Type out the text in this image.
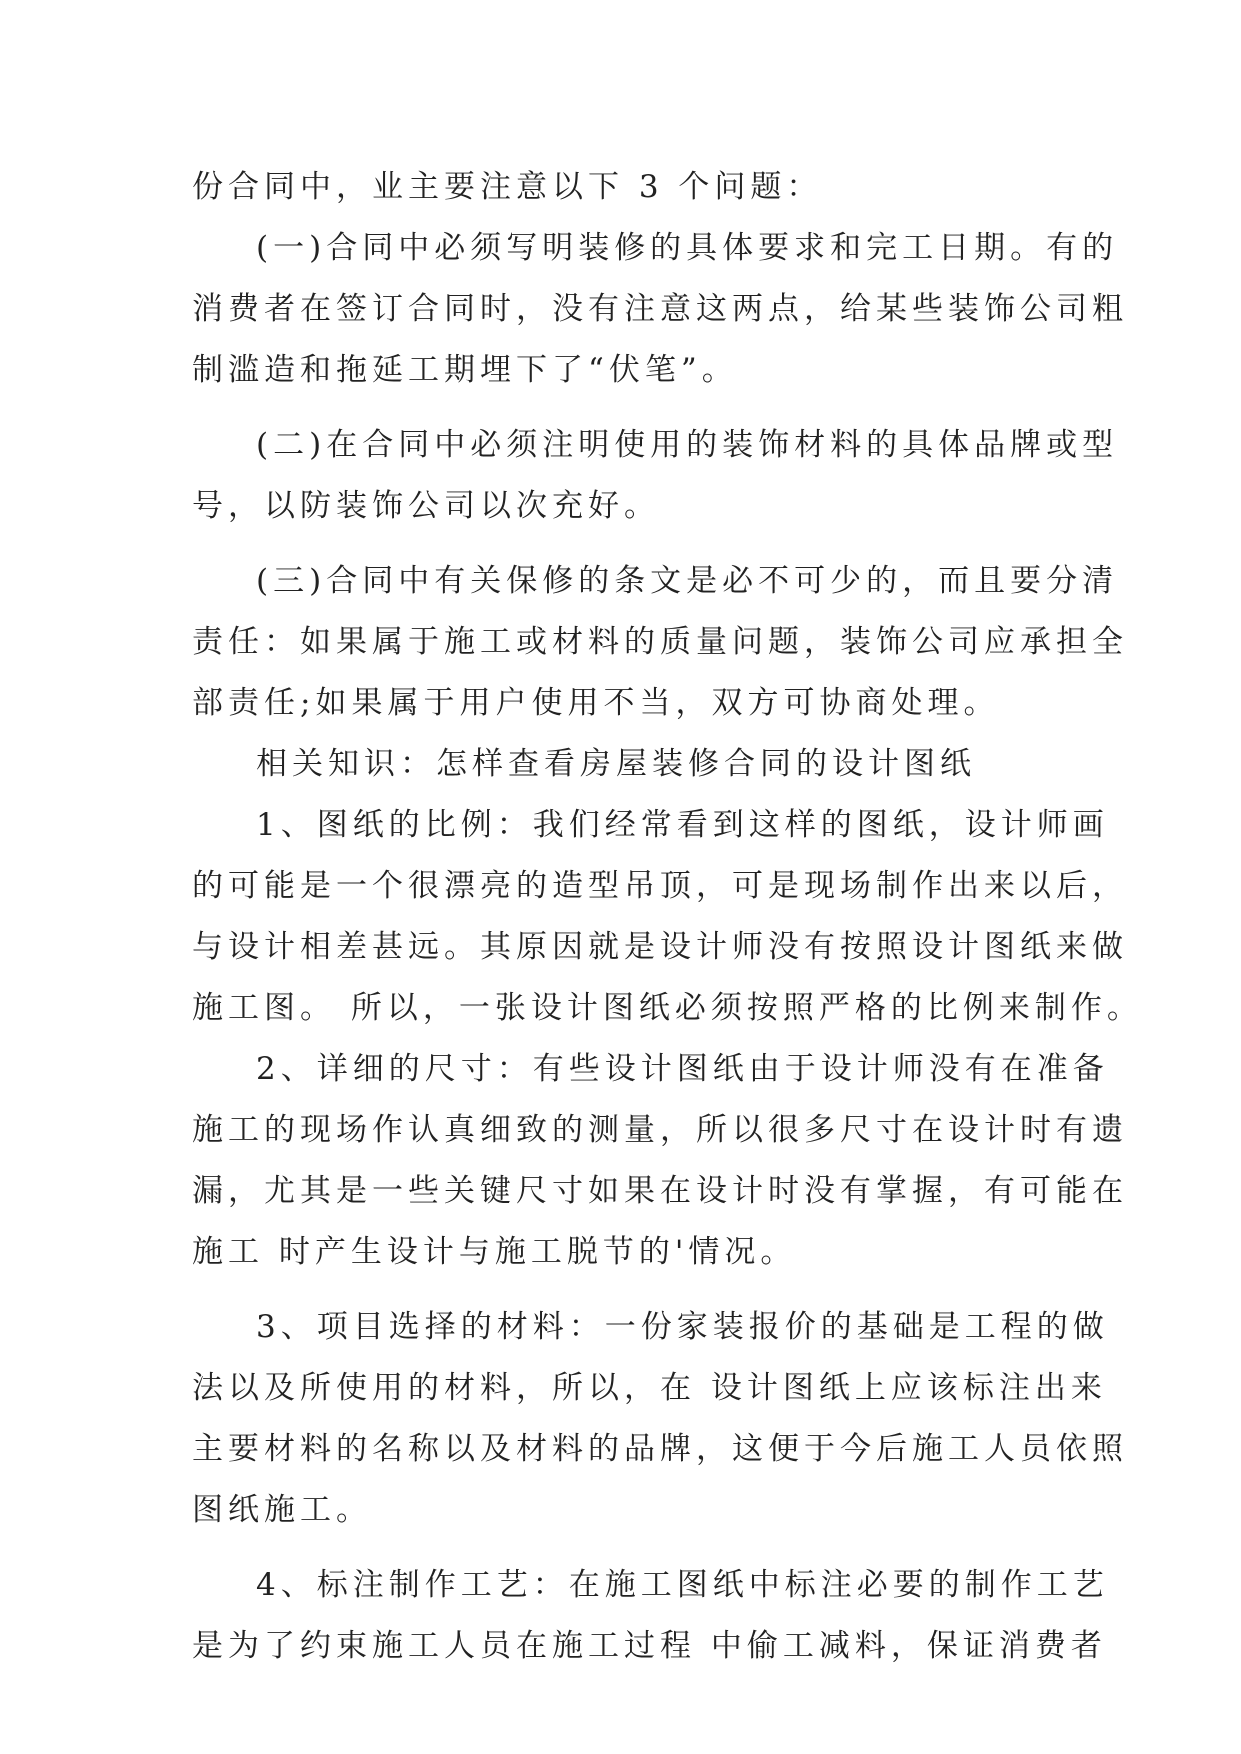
份合同中，业主要注意以下 3 个问题：
(一)合同中必须写明装修的具体要求和完工日期。有的
消费者在签订合同时，没有注意这两点，给某些装饰公司粗
制滥造和拖延工期埋下了“伏笔”。
(二)在合同中必须注明使用的装饰材料的具体品牌或型
号，以防装饰公司以次充好。
(三)合同中有关保修的条文是必不可少的，而且要分清
责任：如果属于施工或材料的质量问题，装饰公司应承担全
部责任;如果属于用户使用不当，双方可协商处理。
相关知识：怎样查看房屋装修合同的设计图纸
1、图纸的比例：我们经常看到这样的图纸，设计师画
的可能是一个很漂亮的造型吊顶，可是现场制作出来以后，
与设计相差甚远。其原因就是设计师没有按照设计图纸来做
施工图。 所以，一张设计图纸必须按照严格的比例来制作。
2、详细的尺寸：有些设计图纸由于设计师没有在准备
施工的现场作认真细致的测量，所以很多尺寸在设计时有遗
漏，尤其是一些关键尺寸如果在设计时没有掌握，有可能在
施工 时产生设计与施工脱节的'情况。
3、项目选择的材料：一份家装报价的基础是工程的做
法以及所使用的材料，所以，在 设计图纸上应该标注出来
主要材料的名称以及材料的品牌，这便于今后施工人员依照
图纸施工。
4、标注制作工艺：在施工图纸中标注必要的制作工艺
是为了约束施工人员在施工过程 中偷工减料，保证消费者
